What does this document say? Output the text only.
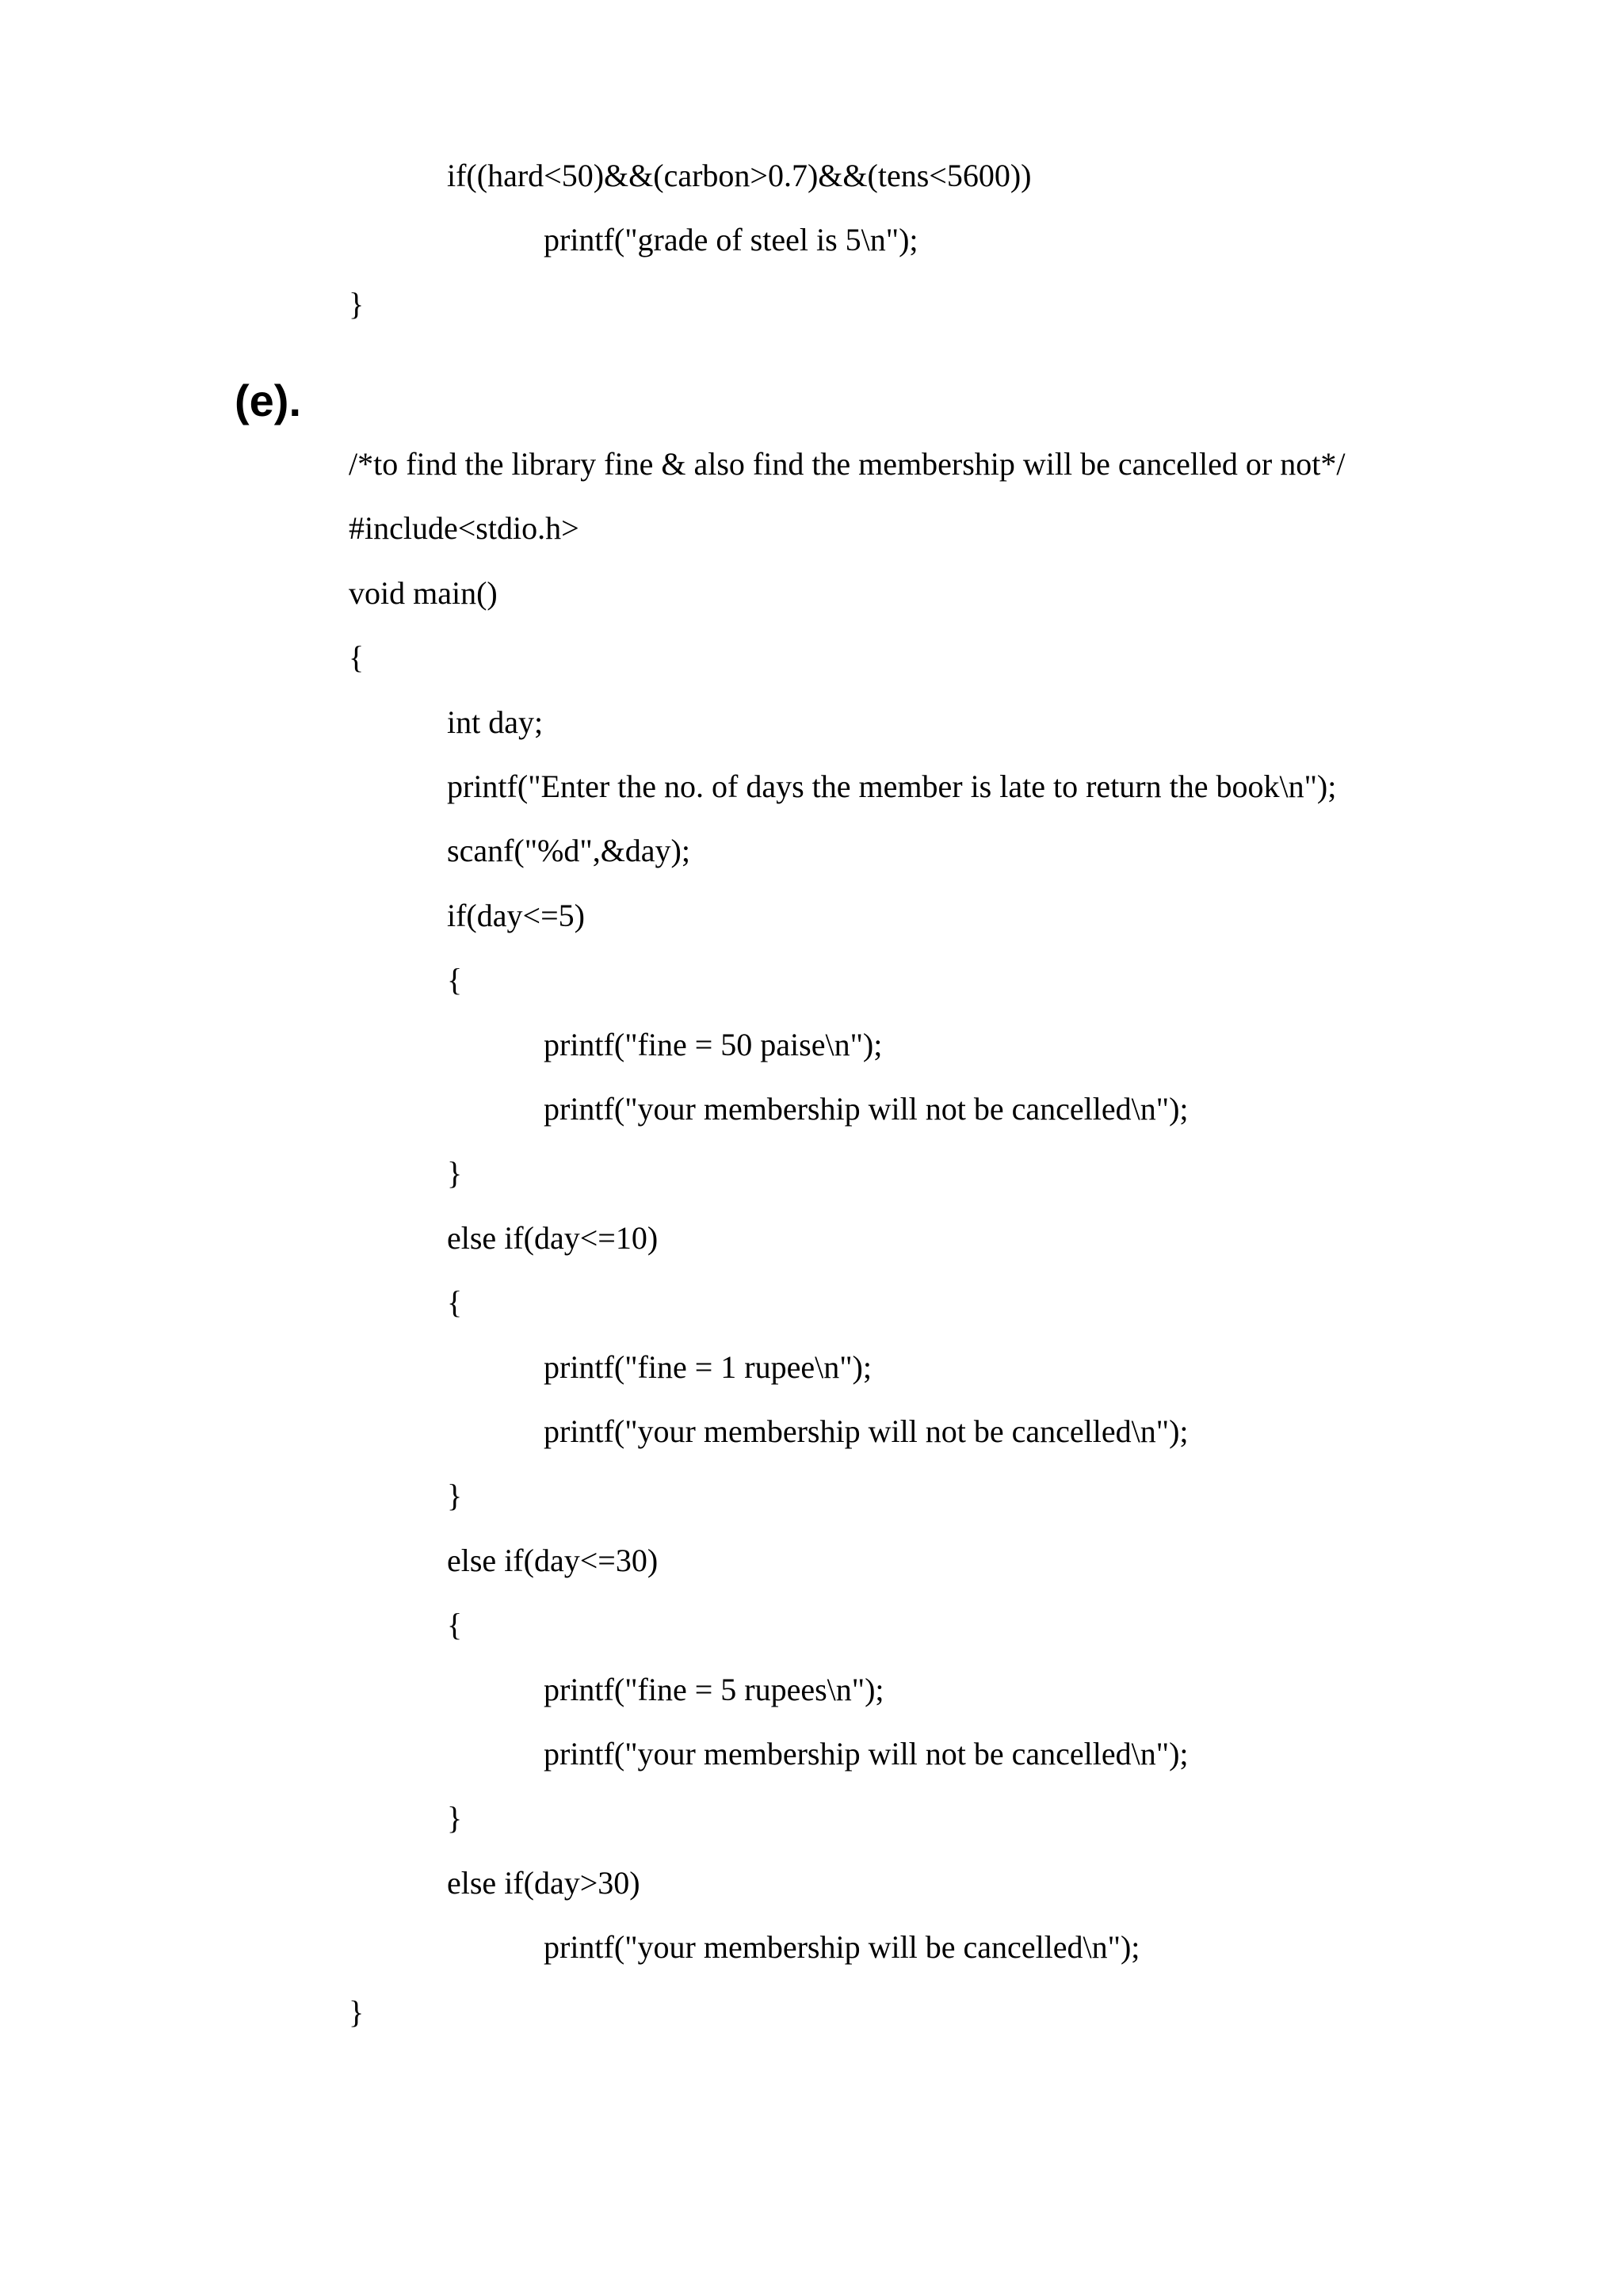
if((hard<50)&&(carbon>0.7)&&(tens<5600))
printf("grade of steel is 5\n");
}
(e).
/*to find the library fine & also find the membership will be cancelled or not*/
#include<stdio.h>
void main()
{
int day;
printf("Enter the no. of days the member is late to return the book\n");
scanf("%d",&day);
if(day<=5)
{
printf("fine = 50 paise\n");
printf("your membership will not be cancelled\n");
}
else if(day<=10)
{
printf("fine = 1 rupee\n");
printf("your membership will not be cancelled\n");
}
else if(day<=30)
{
printf("fine = 5 rupees\n");
printf("your membership will not be cancelled\n");
}
else if(day>30)
printf("your membership will be cancelled\n");
}
